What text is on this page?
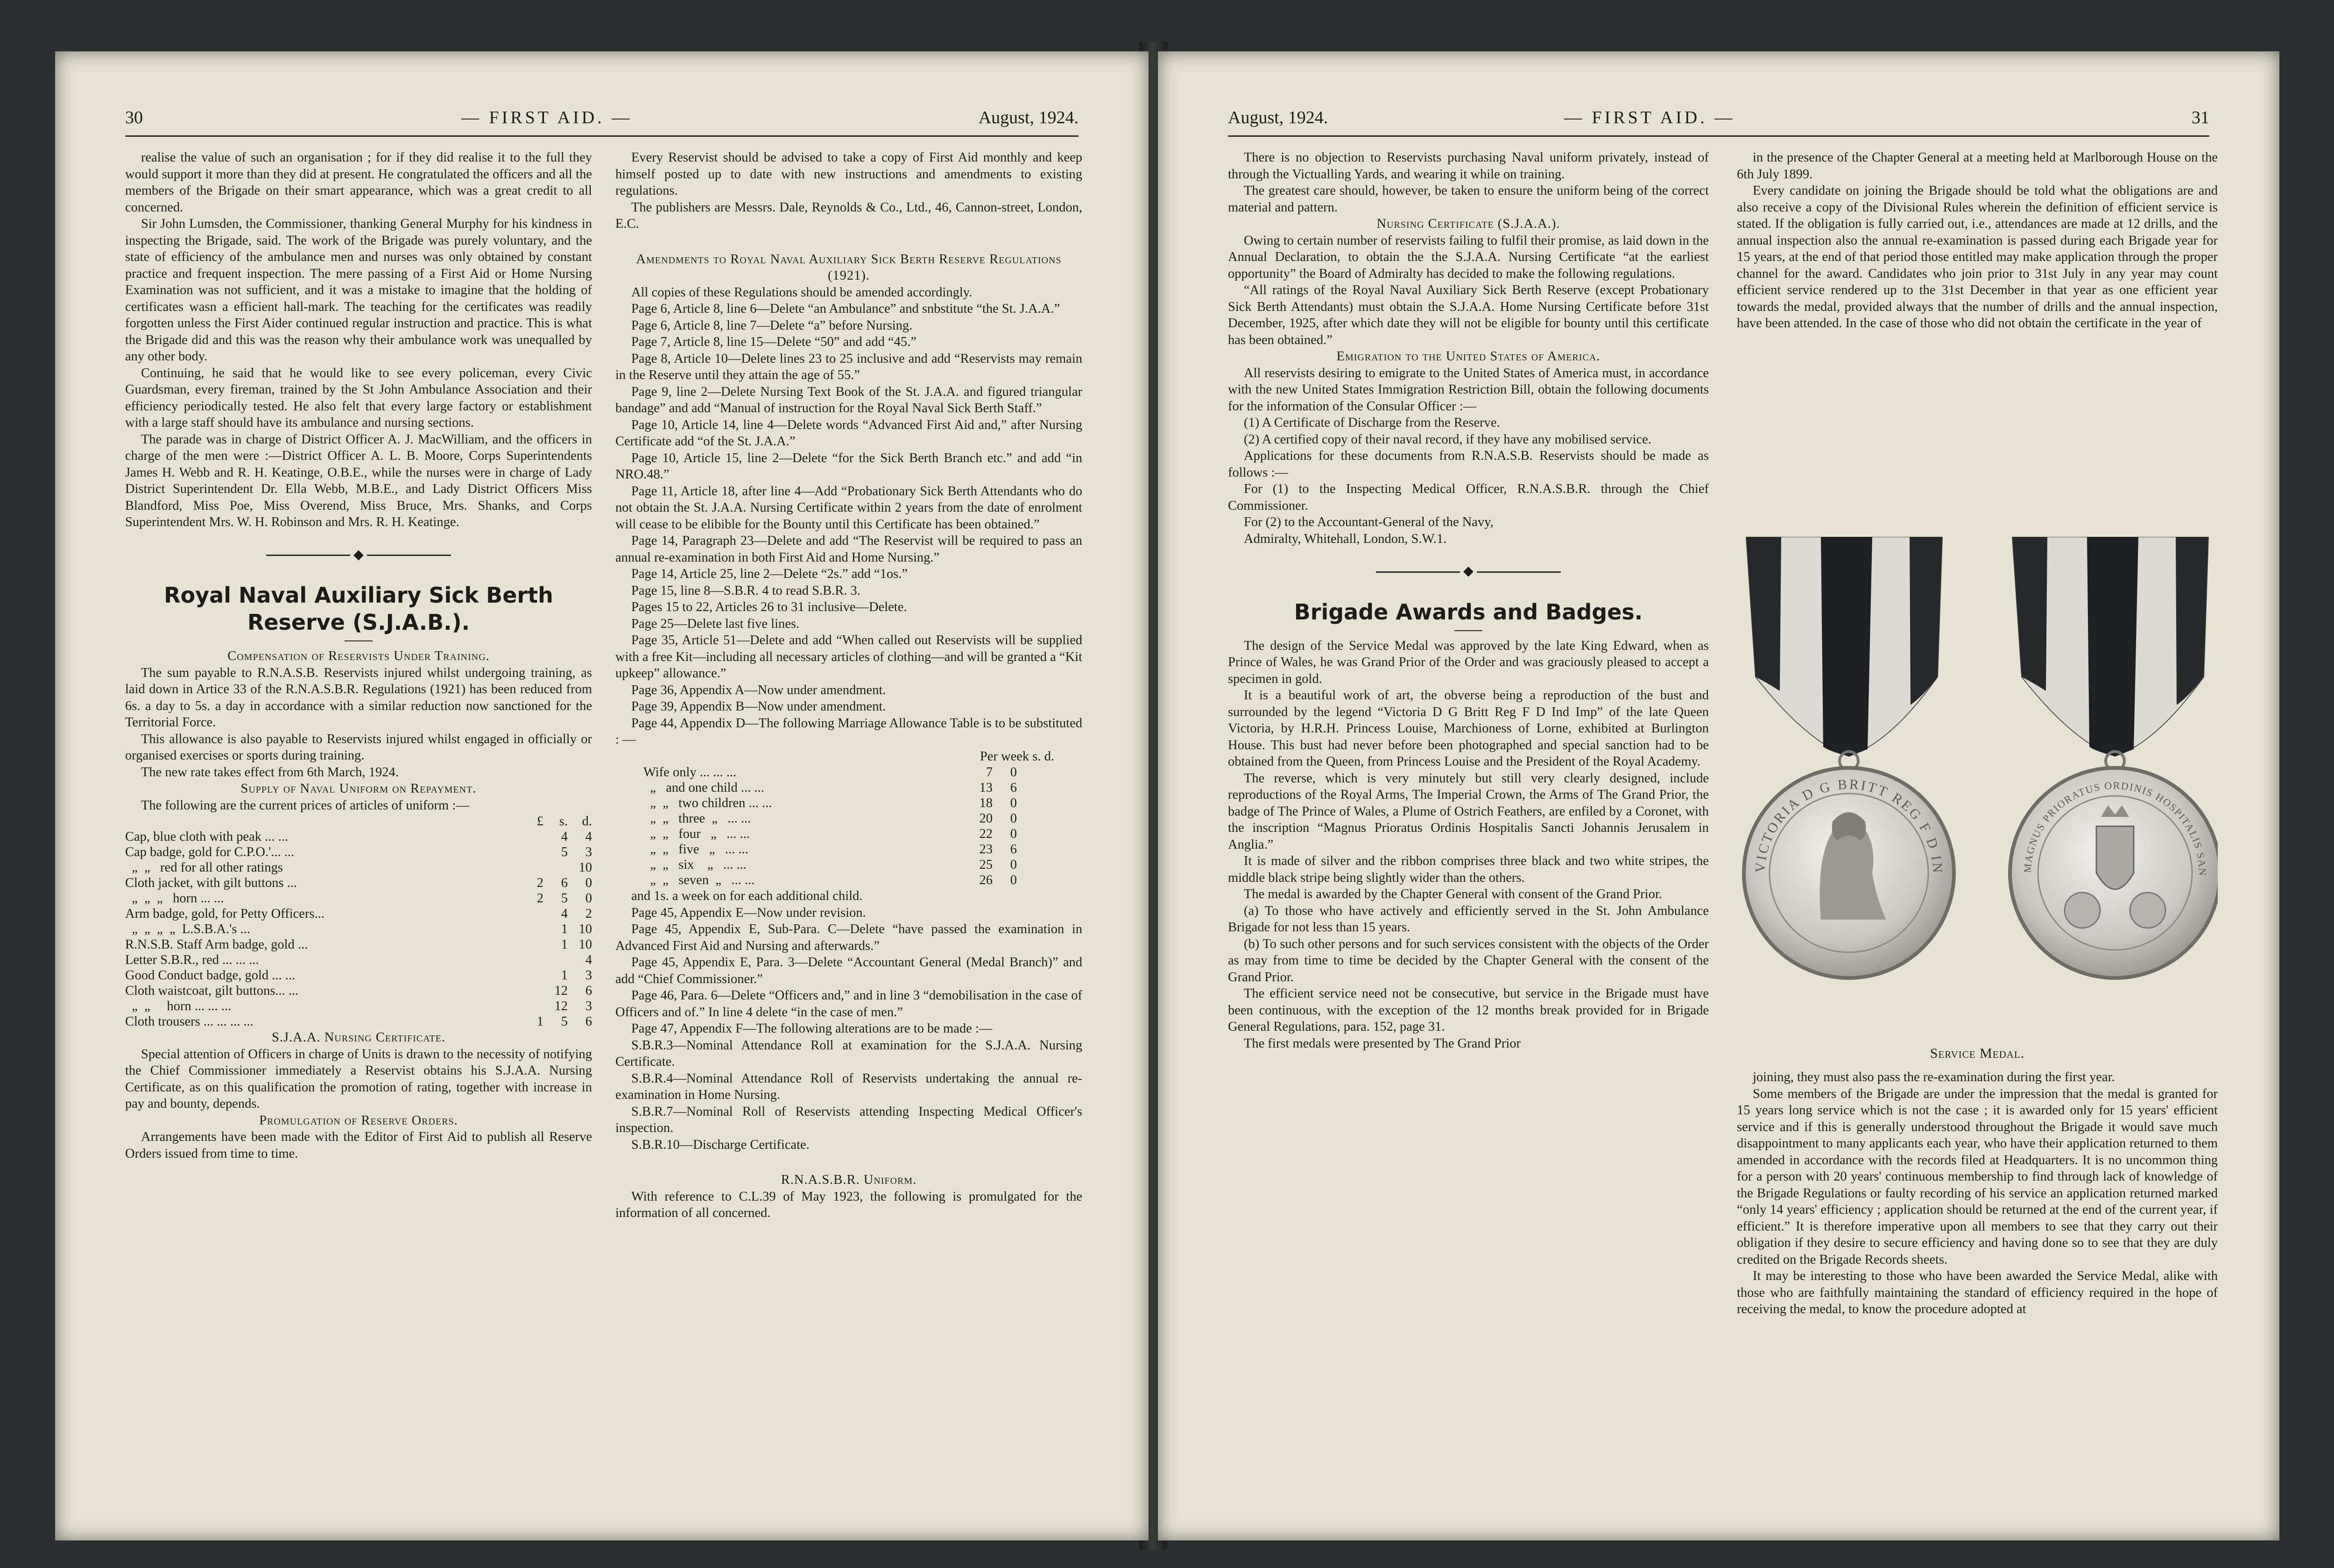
30	— FIRST AID. —	August, 1924.

realise the value of such an organisation ; for if they did realise it to the full they would support it more than they did at present. He congratulated the officers and all the members of the Brigade on their smart appearance, which was a great credit to all concerned.

Sir John Lumsden, the Commissioner, thanking General Murphy for his kindness in inspecting the Brigade, said. The work of the Brigade was purely voluntary, and the state of efficiency of the ambulance men and nurses was only obtained by constant practice and frequent inspection. The mere passing of a First Aid or Home Nursing Examination was not sufficient, and it was a mistake to imagine that the holding of certificates wasn a efficient hall-mark. The teaching for the certificates was readily forgotten unless the First Aider continued regular instruction and practice. This is what the Brigade did and this was the reason why their ambulance work was unequalled by any other body.

Continuing, he said that he would like to see every policeman, every Civic Guardsman, every fireman, trained by the St John Ambulance Association and their efficiency periodically tested. He also felt that every large factory or establishment with a large staff should have its ambulance and nursing sections.

The parade was in charge of District Officer A. J. MacWilliam, and the officers in charge of the men were :—District Officer A. L. B. Moore, Corps Superintendents James H. Webb and R. H. Keatinge, O.B.E., while the nurses were in charge of Lady District Superintendent Dr. Ella Webb, M.B.E., and Lady District Officers Miss Blandford, Miss Poe, Miss Overend, Miss Bruce, Mrs. Shanks, and Corps Superintendent Mrs. W. H. Robinson and Mrs. R. H. Keatinge.

◆
Royal Naval Auxiliary Sick Berth Reserve (S.J.A.B.).

Compensation of Reservists Under Training.

The sum payable to R.N.A.S.B. Reservists injured whilst undergoing training, as laid down in Artice 33 of the R.N.A.S.B.R. Regulations (1921) has been reduced from 6s. a day to 5s. a day in accordance with a similar reduction now sanctioned for the Territorial Force.

This allowance is also payable to Reservists injured whilst engaged in officially or organised exercises or sports during training.

The new rate takes effect from 6th March, 1924.

Supply of Naval Uniform on Repayment.

The following are the current prices of articles of uniform :—

	£	s.	d.
Cap, blue cloth with peak ... ...		4	4
Cap badge, gold for C.P.O.'... ...		5	3
„  „   red for all other ratings			10
Cloth jacket, with gilt buttons ...	2	6	0
„  „  „   horn ... ...	2	5	0
Arm badge, gold, for Petty Officers...		4	2
„  „  „  „  L.S.B.A.'s ...		1	10
R.N.S.B. Staff Arm badge, gold ...		1	10
Letter S.B.R., red ... ... ...			4
Good Conduct badge, gold ... ...		1	3
Cloth waistcoat, gilt buttons... ...		12	6
„  „     horn ... ... ...		12	3
Cloth trousers ... ... ... ...	1	5	6

S.J.A.A. Nursing Certificate.

Special attention of Officers in charge of Units is drawn to the necessity of notifying the Chief Commissioner immediately a Reservist obtains his S.J.A.A. Nursing Certificate, as on this qualification the promotion of rating, together with increase in pay and bounty, depends.

Promulgation of Reserve Orders.

Arrangements have been made with the Editor of First Aid to publish all Reserve Orders issued from time to time.

Every Reservist should be advised to take a copy of First Aid monthly and keep himself posted up to date with new instructions and amendments to existing regulations.

The publishers are Messrs. Dale, Reynolds & Co., Ltd., 46, Cannon-street, London, E.C.

Amendments to Royal Naval Auxiliary Sick Berth Reserve Regulations (1921).

All copies of these Regulations should be amended accordingly.

Page 6, Article 8, line 6—Delete “an Ambulance” and snbstitute “the St. J.A.A.”

Page 6, Article 8, line 7—Delete “a” before Nursing.

Page 7, Article 8, line 15—Delete “50” and add “45.”

Page 8, Article 10—Delete lines 23 to 25 inclusive and add “Reservists may remain in the Reserve until they attain the age of 55.”

Page 9, line 2—Delete Nursing Text Book of the St. J.A.A. and figured triangular bandage” and add “Manual of instruction for the Royal Naval Sick Berth Staff.”

Page 10, Article 14, line 4—Delete words “Advanced First Aid and,” after Nursing Certificate add “of the St. J.A.A.”

Page 10, Article 15, line 2—Delete “for the Sick Berth Branch etc.” and add “in NRO.48.”

Page 11, Article 18, after line 4—Add “Probationary Sick Berth Attendants who do not obtain the St. J.A.A. Nursing Certificate within 2 years from the date of enrolment will cease to be elibible for the Bounty until this Certificate has been obtained.”

Page 14, Paragraph 23—Delete and add “The Reservist will be required to pass an annual re-examination in both First Aid and Home Nursing.”

Page 14, Article 25, line 2—Delete “2s.” add “1os.”

Page 15, line 8—S.B.R. 4 to read S.B.R. 3.

Pages 15 to 22, Articles 26 to 31 inclusive—Delete.

Page 25—Delete last five lines.

Page 35, Article 51—Delete and add “When called out Reservists will be supplied with a free Kit—including all necessary articles of clothing—and will be granted a “Kit upkeep” allowance.”

Page 36, Appendix A—Now under amendment.

Page 39, Appendix B—Now under amendment.

Page 44, Appendix D—The following Marriage Allowance Table is to be substituted : —

Per week s. d.
Wife only ... ... ...	7	0
„   and one child ... ...	13	6
„  „   two children ... ...	18	0
„  „   three  „   ... ...	20	0
„  „   four   „   ... ...	22	0
„  „   five   „   ... ...	23	6
„  „   six    „   ... ...	25	0
„  „   seven  „   ... ...	26	0

and 1s. a week on for each additional child.

Page 45, Appendix E—Now under revision.

Page 45, Appendix E, Sub-Para. C—Delete “have passed the examination in Advanced First Aid and Nursing and afterwards.”

Page 45, Appendix E, Para. 3—Delete “Accountant General (Medal Branch)” and add “Chief Commissioner.”

Page 46, Para. 6—Delete “Officers and,” and in line 3 “demobilisation in the case of Officers and of.” In line 4 delete “in the case of men.”

Page 47, Appendix F—The following alterations are to be made :—

S.B.R.3—Nominal Attendance Roll at examination for the S.J.A.A. Nursing Certificate.

S.B.R.4—Nominal Attendance Roll of Reservists undertaking the annual re-examination in Home Nursing.

S.B.R.7—Nominal Roll of Reservists attending Inspecting Medical Officer's inspection.

S.B.R.10—Discharge Certificate.

R.N.A.S.B.R. Uniform.

With reference to C.L.39 of May 1923, the following is promulgated for the information of all concerned.

August, 1924.	— FIRST AID. —	31

There is no objection to Reservists purchasing Naval uniform privately, instead of through the Victualling Yards, and wearing it while on training.

The greatest care should, however, be taken to ensure the uniform being of the correct material and pattern.

Nursing Certificate (S.J.A.A.).

Owing to certain number of reservists failing to fulfil their promise, as laid down in the Annual Declaration, to obtain the the S.J.A.A. Nursing Certificate “at the earliest opportunity” the Board of Admiralty has decided to make the following regulations.

“All ratings of the Royal Naval Auxiliary Sick Berth Reserve (except Probationary Sick Berth Attendants) must obtain the S.J.A.A. Home Nursing Certificate before 31st December, 1925, after which date they will not be eligible for bounty until this certificate has been obtained.”

Emigration to the United States of America.

All reservists desiring to emigrate to the United States of America must, in accordance with the new United States Immigration Restriction Bill, obtain the following documents for the information of the Consular Officer :—

(1) A Certificate of Discharge from the Reserve.

(2) A certified copy of their naval record, if they have any mobilised service.

Applications for these documents from R.N.A.S.B. Reservists should be made as follows :—

For (1) to the Inspecting Medical Officer, R.N.A.S.B.R. through the Chief Commissioner.

For (2) to the Accountant-General of the Navy,

Admiralty, Whitehall, London, S.W.1.

◆
Brigade Awards and Badges.

The design of the Service Medal was approved by the late King Edward, when as Prince of Wales, he was Grand Prior of the Order and was graciously pleased to accept a specimen in gold.

It is a beautiful work of art, the obverse being a reproduction of the bust and surrounded by the legend “Victoria D G Britt Reg F D Ind Imp” of the late Queen Victoria, by H.R.H. Princess Louise, Marchioness of Lorne, exhibited at Burlington House. This bust had never before been photographed and special sanction had to be obtained from the Queen, from Princess Louise and the President of the Royal Academy.

The reverse, which is very minutely but still very clearly designed, include reproductions of the Royal Arms, The Imperial Crown, the Arms of The Grand Prior, the badge of The Prince of Wales, a Plume of Ostrich Feathers, are enfiled by a Coronet, with the inscription “Magnus Prioratus Ordinis Hospitalis Sancti Johannis Jerusalem in Anglia.”

It is made of silver and the ribbon comprises three black and two white stripes, the middle black stripe being slightly wider than the others.

The medal is awarded by the Chapter General with consent of the Grand Prior.

(a) To those who have actively and efficiently served in the St. John Ambulance Brigade for not less than 15 years.

(b) To such other persons and for such services consistent with the objects of the Order as may from time to time be decided by the Chapter General with the consent of the Grand Prior.

The efficient service need not be consecutive, but service in the Brigade must have been continuous, with the exception of the 12 months break provided for in Brigade General Regulations, para. 152, page 31.

The first medals were presented by The Grand Prior

in the presence of the Chapter General at a meeting held at Marlborough House on the 6th July 1899.

Every candidate on joining the Brigade should be told what the obligations are and also receive a copy of the Divisional Rules wherein the definition of efficient service is stated. If the obligation is fully carried out, i.e., attendances are made at 12 drills, and the annual inspection also the annual re-examination is passed during each Brigade year for 15 years, at the end of that period those entitled may make application through the proper channel for the award. Candidates who join prior to 31st July in any year may count efficient service rendered up to the 31st December in that year as one efficient year towards the medal, provided always that the number of drills and the annual inspection, have been attended. In the case of those who did not obtain the certificate in the year of

VICTORIA D G BRITT REG F D IN	MAGNUS PRIORATUS ORDINIS HOSPITALIS SAN
Service Medal.

joining, they must also pass the re-examination during the first year.

Some members of the Brigade are under the impression that the medal is granted for 15 years long service which is not the case ; it is awarded only for 15 years' efficient service and if this is generally understood throughout the Brigade it would save much disappointment to many applicants each year, who have their application returned to them amended in accordance with the records filed at Headquarters. It is no uncommon thing for a person with 20 years' continuous membership to find through lack of knowledge of the Brigade Regulations or faulty recording of his service an application returned marked “only 14 years' efficiency ; application should be returned at the end of the current year, if efficient.” It is therefore imperative upon all members to see that they carry out their obligation if they desire to secure efficiency and having done so to see that they are duly credited on the Brigade Records sheets.

It may be interesting to those who have been awarded the Service Medal, alike with those who are faithfully maintaining the standard of efficiency required in the hope of receiving the medal, to know the procedure adopted at
